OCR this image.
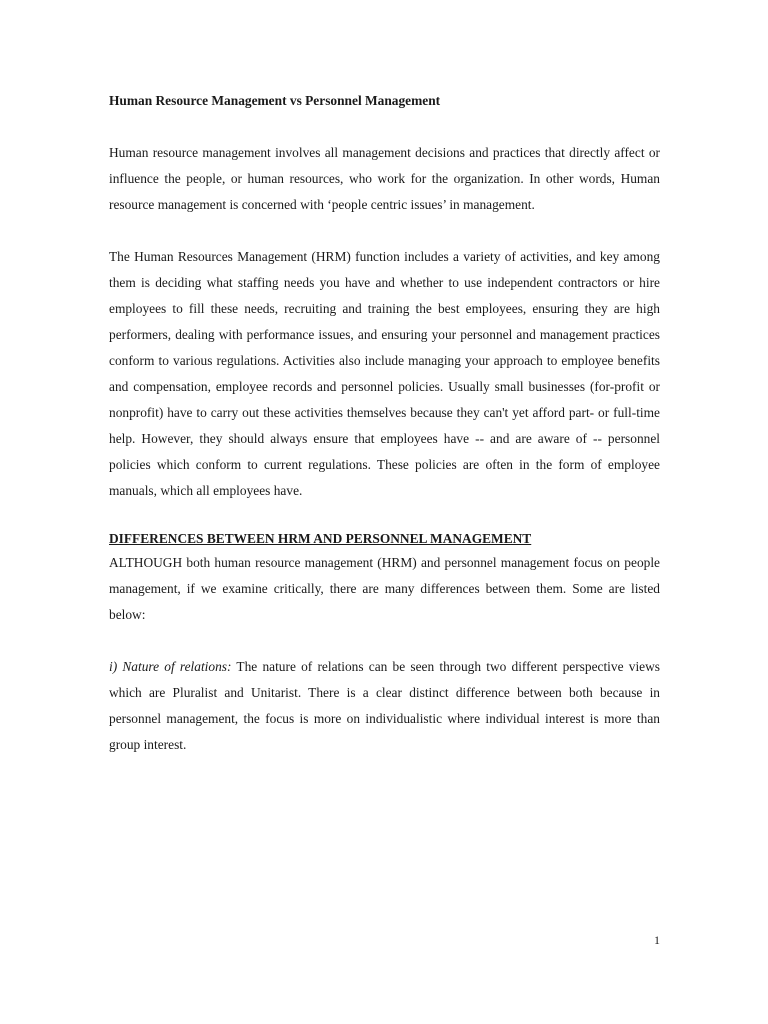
Human Resource Management vs Personnel Management

Human resource management involves all management decisions and practices that directly affect or influence the people, or human resources, who work for the organization. In other words, Human resource management is concerned with ‘people centric issues’ in management.

The Human Resources Management (HRM) function includes a variety of activities, and key among them is deciding what staffing needs you have and whether to use independent contractors or hire employees to fill these needs, recruiting and training the best employees, ensuring they are high performers, dealing with performance issues, and ensuring your personnel and management practices conform to various regulations. Activities also include managing your approach to employee benefits and compensation, employee records and personnel policies. Usually small businesses (for-profit or nonprofit) have to carry out these activities themselves because they can't yet afford part- or full-time help. However, they should always ensure that employees have -- and are aware of -- personnel policies which conform to current regulations. These policies are often in the form of employee manuals, which all employees have.

DIFFERENCES BETWEEN HRM AND PERSONNEL MANAGEMENT

ALTHOUGH both human resource management (HRM) and personnel management focus on people management, if we examine critically, there are many differences between them. Some are listed below:

i) Nature of relations: The nature of relations can be seen through two different perspective views which are Pluralist and Unitarist. There is a clear distinct difference between both because in personnel management, the focus is more on individualistic where individual interest is more than group interest.

1
